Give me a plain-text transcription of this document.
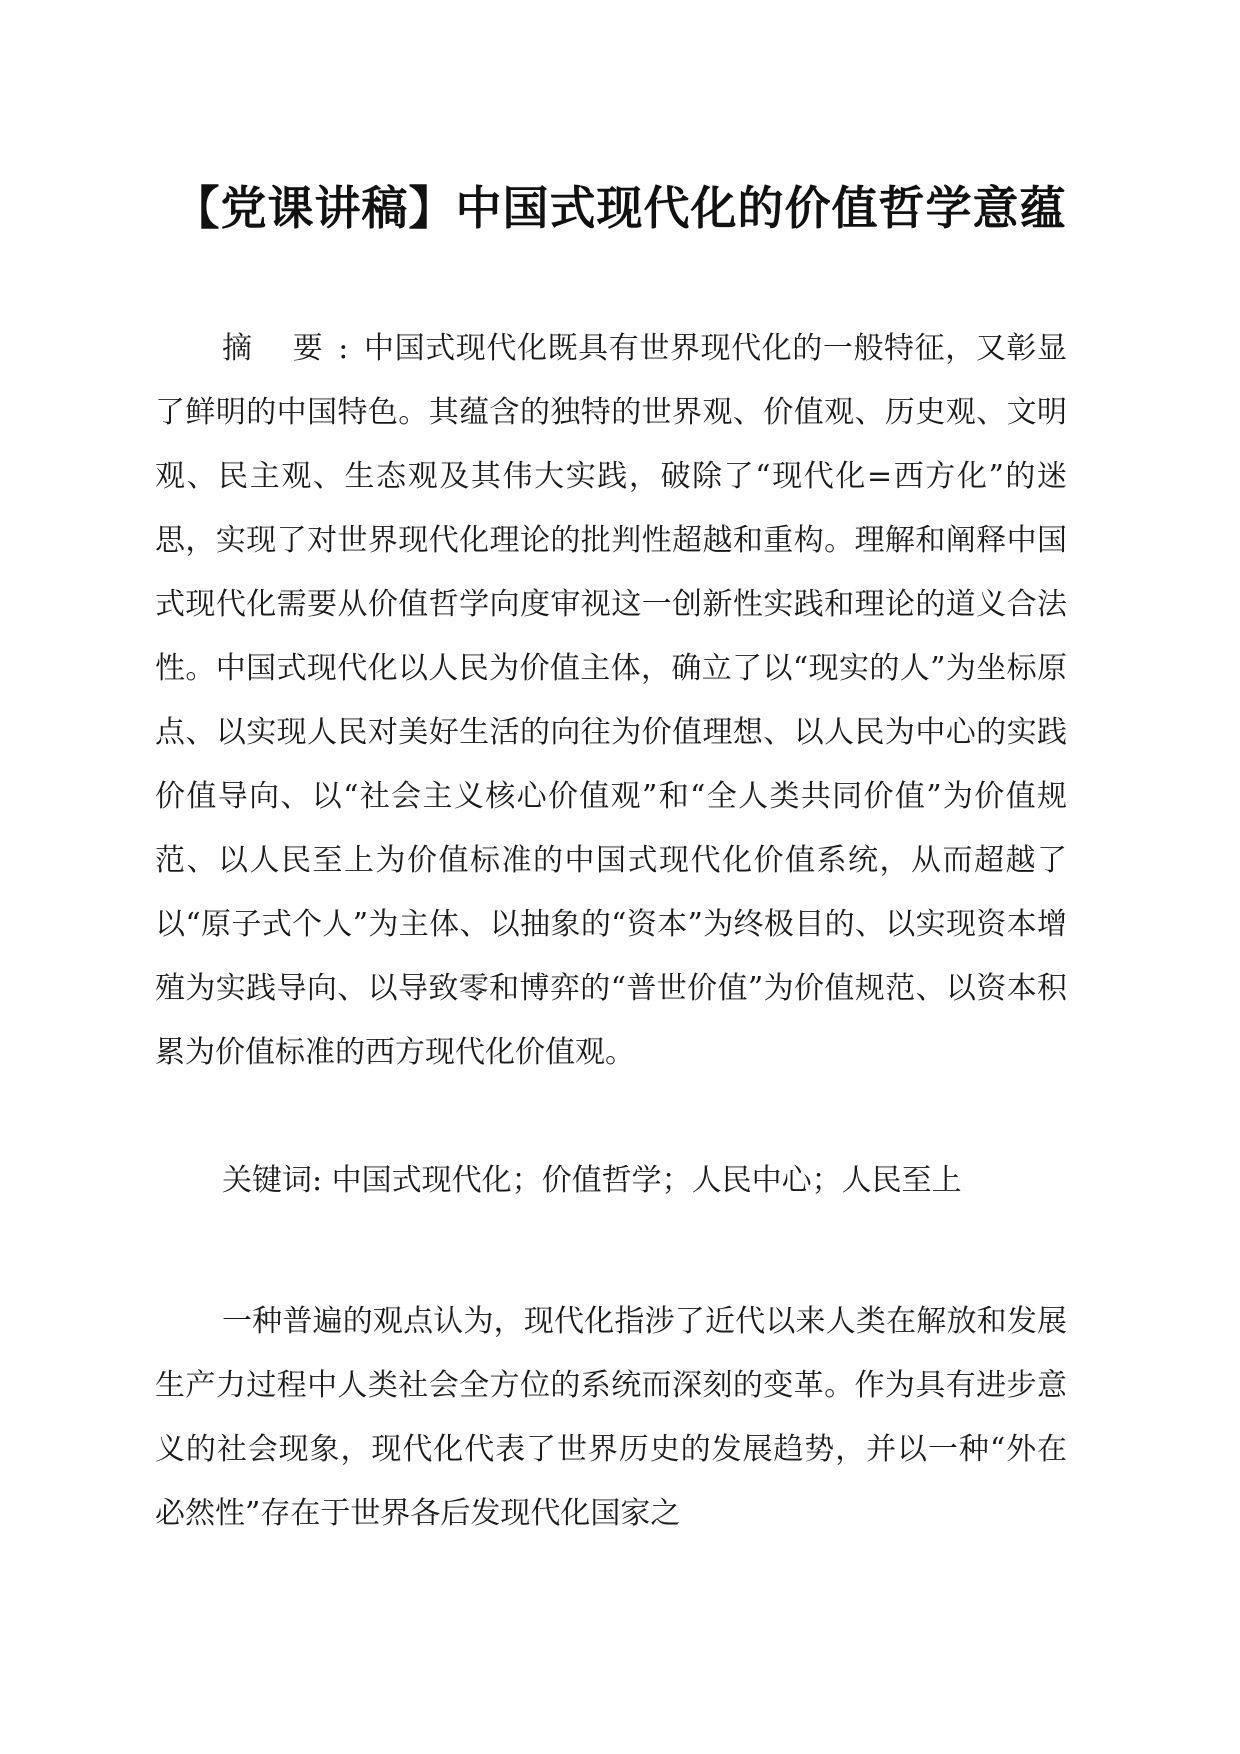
【党课讲稿】中国式现代化的价值哲学意蕴
摘 要:中国式现代化既具有世界现代化的一般特征，又彰显了鲜明的中国特色。其蕴含的独特的世界观、价值观、历史观、文明观、民主观、生态观及其伟大实践，破除了“现代化=西方化”的迷思，实现了对世界现代化理论的批判性超越和重构。理解和阐释中国式现代化需要从价值哲学向度审视这一创新性实践和理论的道义合法性。中国式现代化以人民为价值主体，确立了以“现实的人”为坐标原点、以实现人民对美好生活的向往为价值理想、以人民为中心的实践价值导向、以“社会主义核心价值观”和“全人类共同价值”为价值规范、以人民至上为价值标准的中国式现代化价值系统，从而超越了以“原子式个人”为主体、以抽象的“资本”为终极目的、以实现资本增殖为实践导向、以导致零和博弈的“普世价值”为价值规范、以资本积累为价值标准的西方现代化价值观。
关键词: 中国式现代化；价值哲学；人民中心；人民至上
一种普遍的观点认为，现代化指涉了近代以来人类在解放和发展生产力过程中人类社会全方位的系统而深刻的变革。作为具有进步意义的社会现象，现代化代表了世界历史的发展趋势，并以一种“外在必然性”存在于世界各后发现代化国家之
